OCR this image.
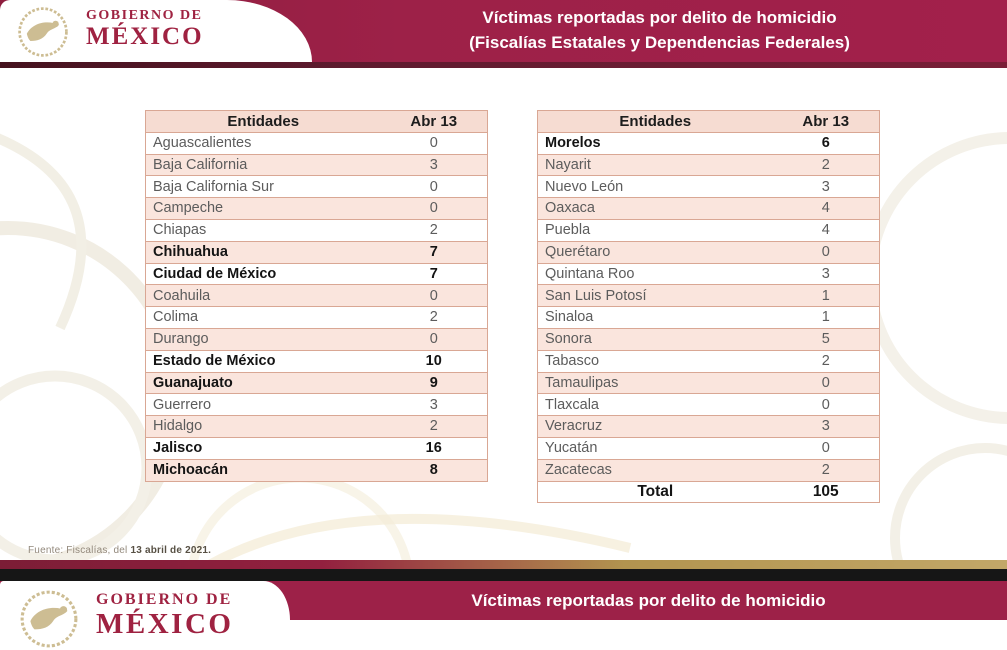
GOBIERNO DE
MÉXICO
Víctimas reportadas por delito de homicidio
(Fiscalías Estatales y Dependencias Federales)
Entidades	Abr 13
Aguascalientes	0
Baja California	3
Baja California Sur	0
Campeche	0
Chiapas	2
Chihuahua	7
Ciudad de México	7
Coahuila	0
Colima	2
Durango	0
Estado de México	10
Guanajuato	9
Guerrero	3
Hidalgo	2
Jalisco	16
Michoacán	8
Entidades	Abr 13
Morelos	6
Nayarit	2
Nuevo León	3
Oaxaca	4
Puebla	4
Querétaro	0
Quintana Roo	3
San Luis Potosí	1
Sinaloa	1
Sonora	5
Tabasco	2
Tamaulipas	0
Tlaxcala	0
Veracruz	3
Yucatán	0
Zacatecas	2
Total	105
Fuente: Fiscalías, del 13 abril de 2021.
GOBIERNO DE
MÉXICO
Víctimas reportadas por delito de homicidio
